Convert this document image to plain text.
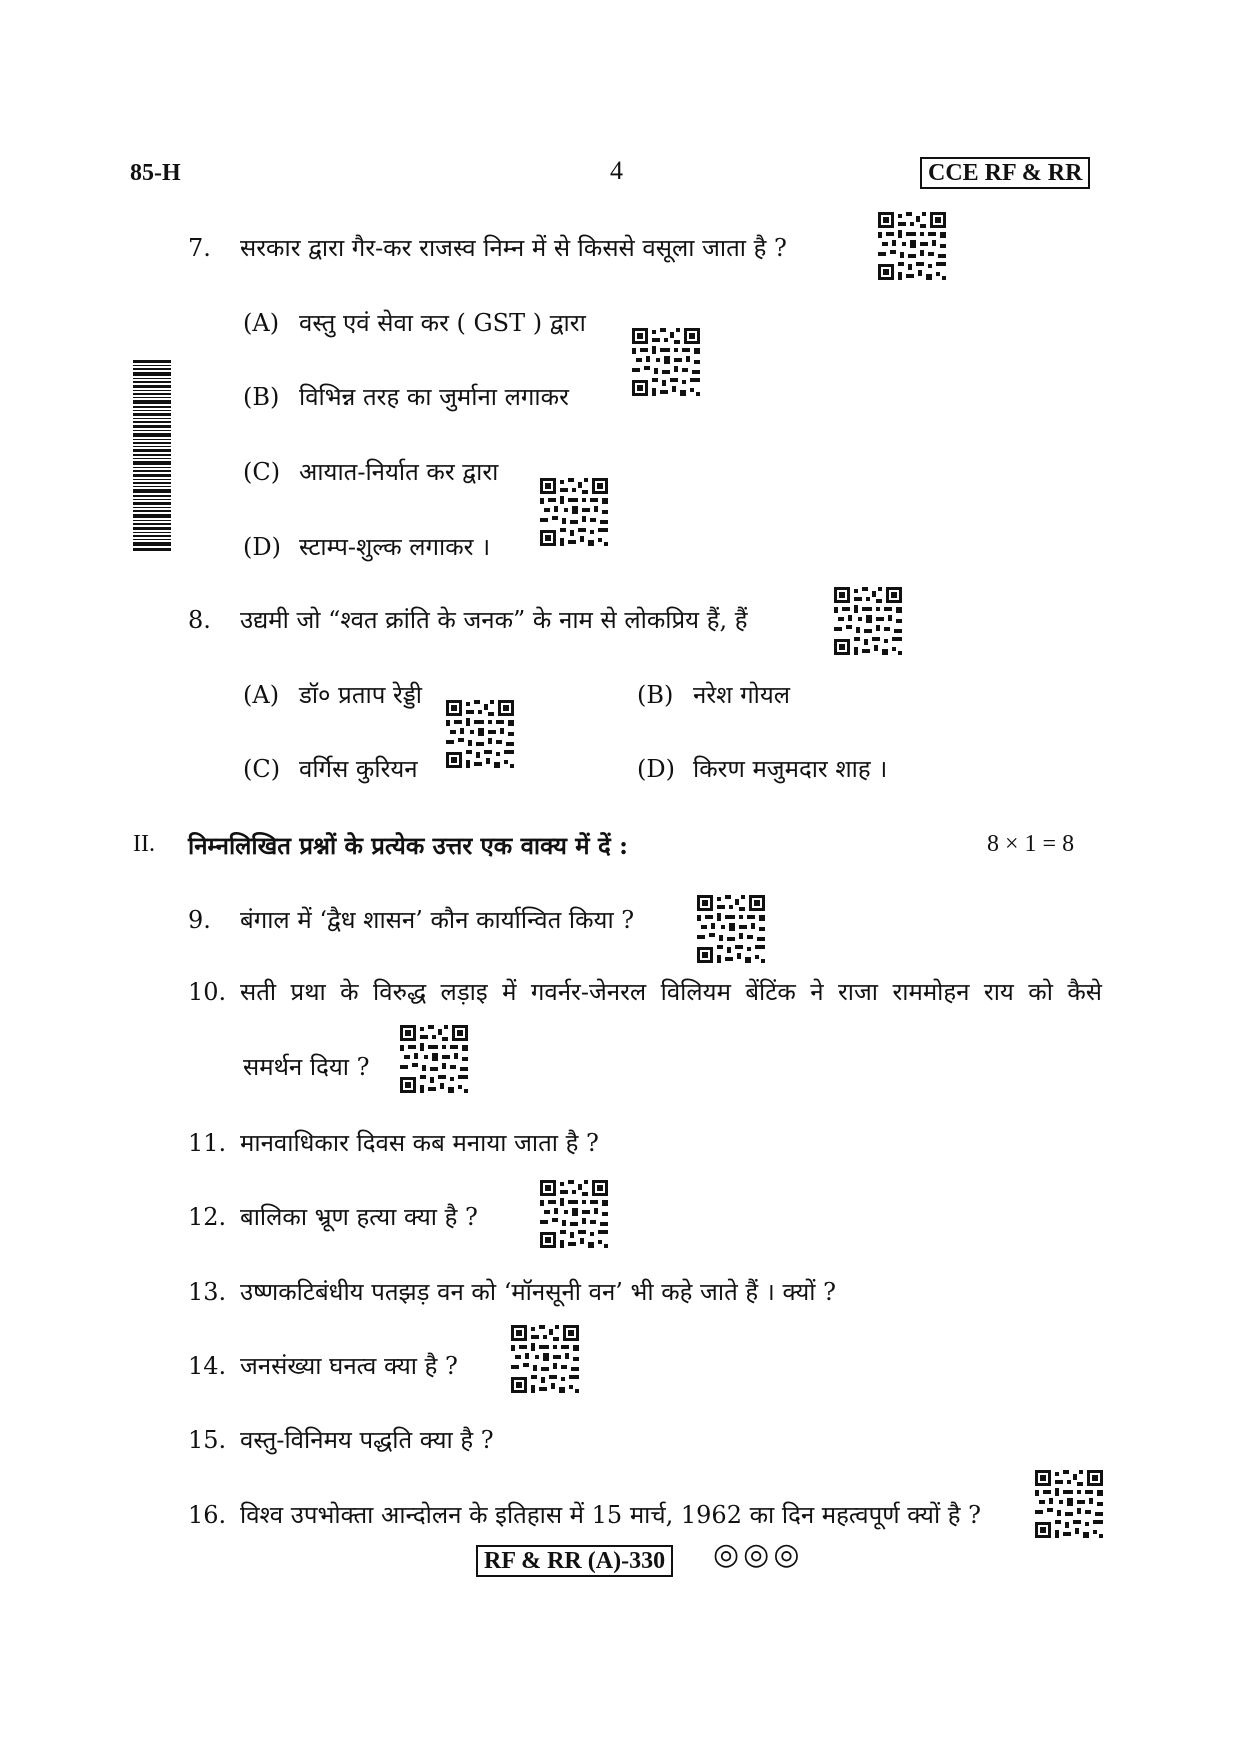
85-H	4	CCE RF & RR
7. सरकार द्वारा गैर-कर राजस्व निम्न में से किससे वसूला जाता है ?
(A) वस्तु एवं सेवा कर ( GST ) द्वारा
(B) विभिन्न तरह का जुर्माना लगाकर
(C) आयात-निर्यात कर द्वारा
(D) स्टाम्प-शुल्क लगाकर ।
8. उद्यमी जो “श्वत क्रांति के जनक” के नाम से लोकप्रिय हैं, हैं
(A) डॉ० प्रताप रेड्डी	(B) नरेश गोयल
(C) वर्गिस कुरियन	(D) किरण मजुमदार शाह ।
II. निम्नलिखित प्रश्नों के प्रत्येक उत्तर एक वाक्य में दें :	8 × 1 = 8
9. बंगाल में ‘द्वैध शासन’ कौन कार्यान्वित किया ?
10. सती प्रथा के विरुद्ध लड़ाइ में गवर्नर-जेनरल विलियम बेंटिंक ने राजा राममोहन राय को कैसे
समर्थन दिया ?
11. मानवाधिकार दिवस कब मनाया जाता है ?
12. बालिका भ्रूण हत्या क्या है ?
13. उष्णकटिबंधीय पतझड़ वन को ‘मॉनसूनी वन’ भी कहे जाते हैं । क्यों ?
14. जनसंख्या घनत्व क्या है ?
15. वस्तु-विनिमय पद्धति क्या है ?
16. विश्व उपभोक्ता आन्दोलन के इतिहास में 15 मार्च, 1962 का दिन महत्वपूर्ण क्यों है ?
RF & RR (A)-330 ◎◎◎
